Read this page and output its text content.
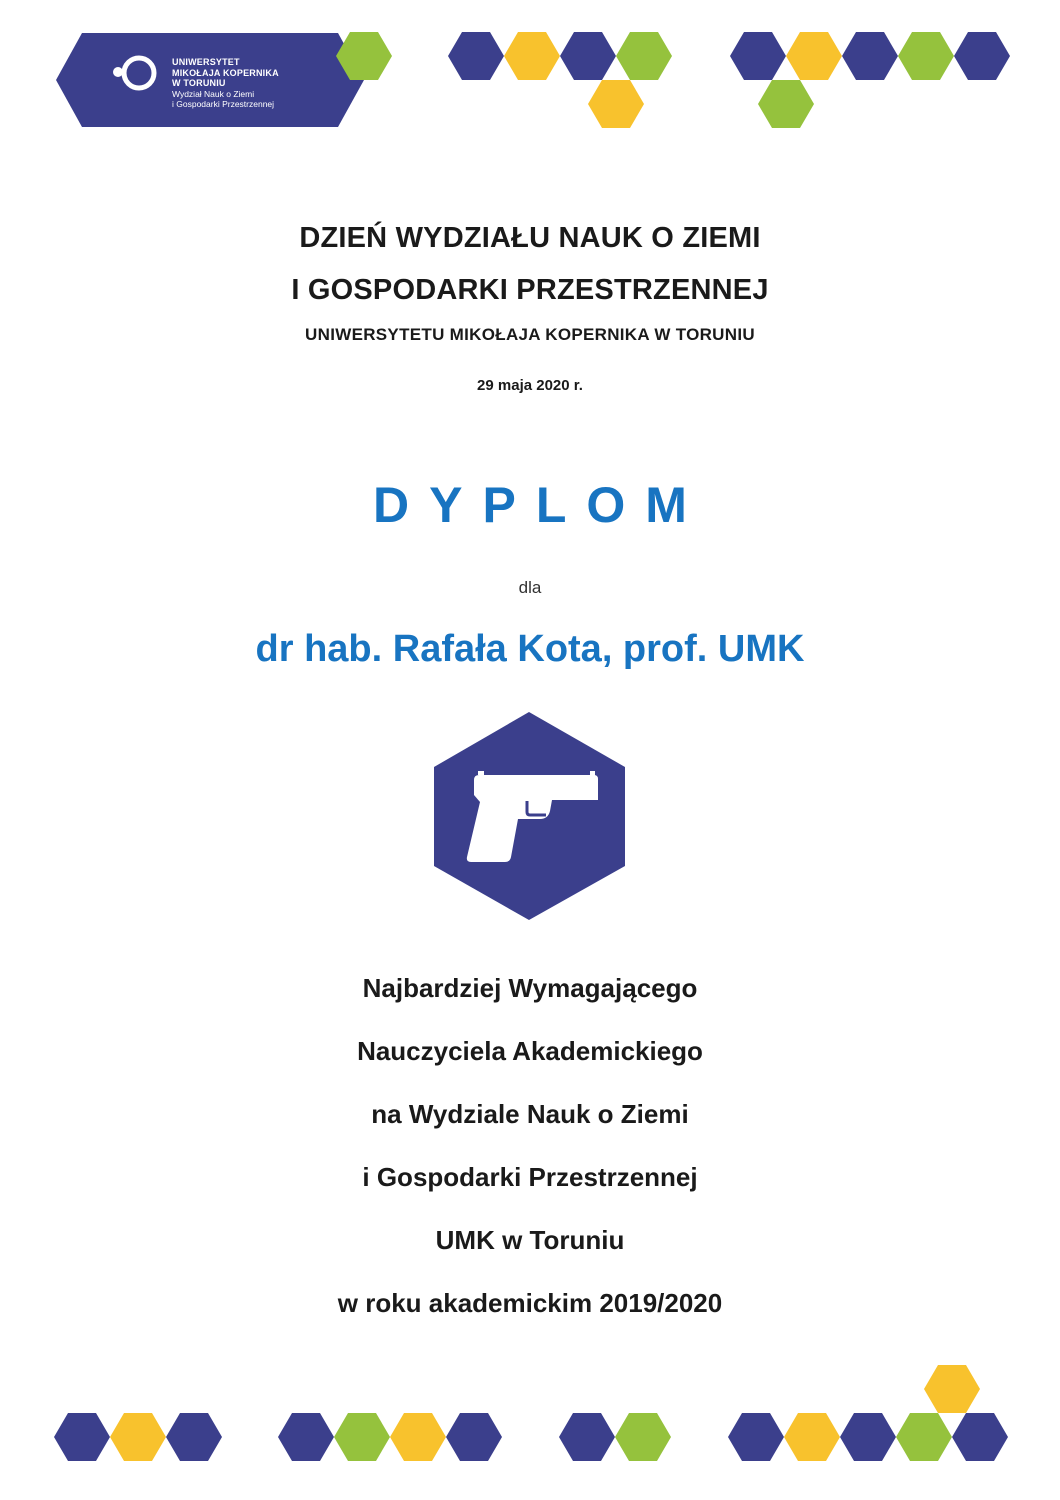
UNIWERSYTET
MIKOŁAJA KOPERNIKA
W TORUNIU
Wydział Nauk o Ziemi
i Gospodarki Przestrzennej
DZIEŃ WYDZIAŁU NAUK O ZIEMI
I GOSPODARKI PRZESTRZENNEJ
UNIWERSYTETU MIKOŁAJA KOPERNIKA W TORUNIU
29 maja 2020 r.
DYPLOM
dla
dr hab. Rafała Kota, prof. UMK
Najbardziej Wymagającego
Nauczyciela Akademickiego
na Wydziale Nauk o Ziemi
i Gospodarki Przestrzennej
UMK w Toruniu
w roku akademickim 2019/2020
